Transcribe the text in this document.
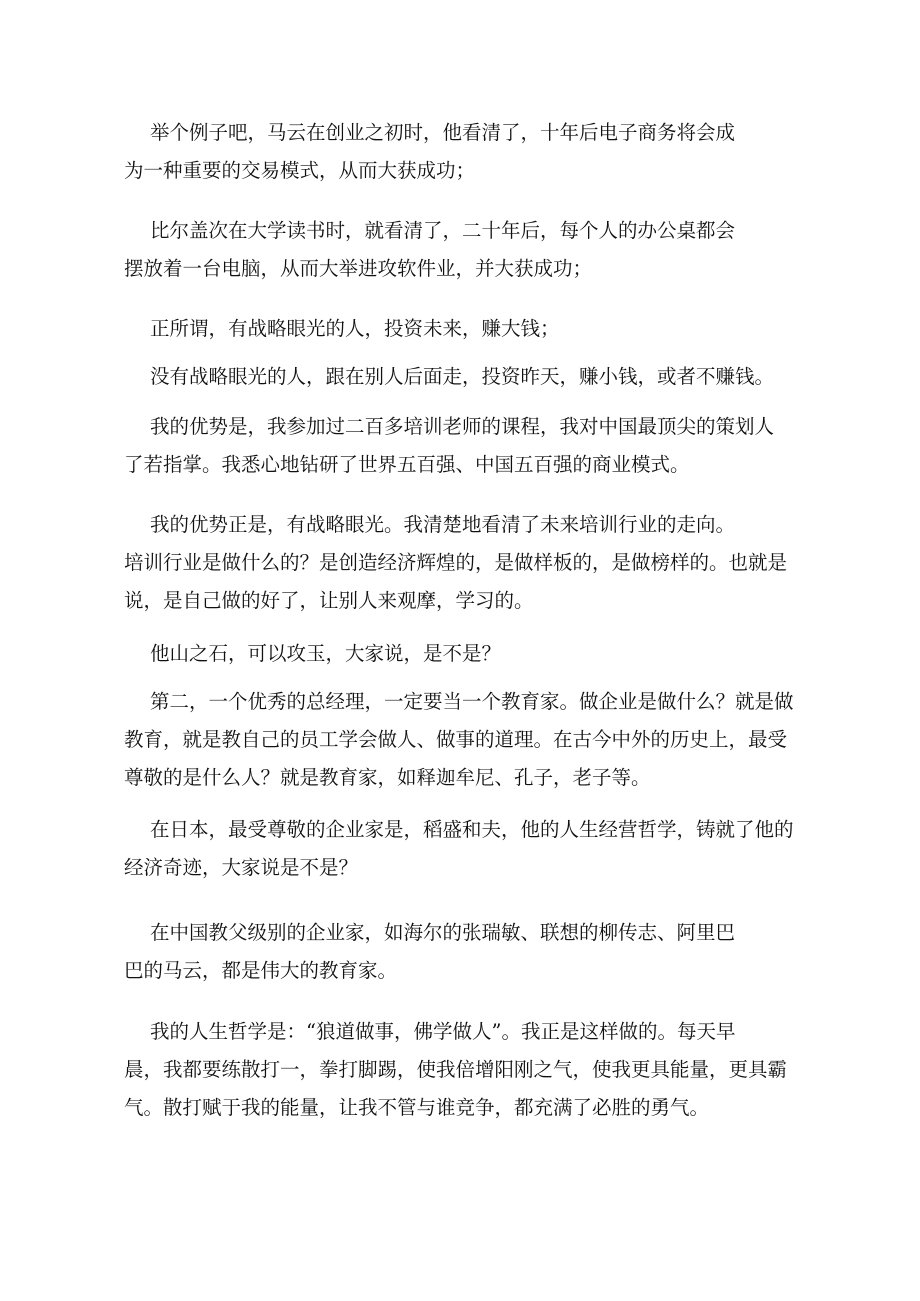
举个例子吧，马云在创业之初时，他看清了，十年后电子商务将会成
为一种重要的交易模式，从而大获成功；
比尔盖次在大学读书时，就看清了，二十年后，每个人的办公桌都会
摆放着一台电脑，从而大举进攻软件业，并大获成功；
正所谓，有战略眼光的人，投资未来，赚大钱；
没有战略眼光的人，跟在别人后面走，投资昨天，赚小钱，或者不赚钱。
我的优势是，我参加过二百多培训老师的课程，我对中国最顶尖的策划人
了若指掌。我悉心地钻研了世界五百强、中国五百强的商业模式。
我的优势正是，有战略眼光。我清楚地看清了未来培训行业的走向。
培训行业是做什么的？是创造经济辉煌的，是做样板的，是做榜样的。也就是
说，是自己做的好了，让别人来观摩，学习的。
他山之石，可以攻玉，大家说，是不是？
第二，一个优秀的总经理，一定要当一个教育家。做企业是做什么？就是做
教育，就是教自己的员工学会做人、做事的道理。在古今中外的历史上，最受
尊敬的是什么人？就是教育家，如释迦牟尼、孔子，老子等。
在日本，最受尊敬的企业家是，稻盛和夫，他的人生经营哲学，铸就了他的
经济奇迹，大家说是不是？
在中国教父级别的企业家，如海尔的张瑞敏、联想的柳传志、阿里巴
巴的马云，都是伟大的教育家。
我的人生哲学是：“狼道做事，佛学做人”。我正是这样做的。每天早
晨，我都要练散打一，拳打脚踢，使我倍增阳刚之气，使我更具能量，更具霸
气。散打赋于我的能量，让我不管与谁竞争，都充满了必胜的勇气。
